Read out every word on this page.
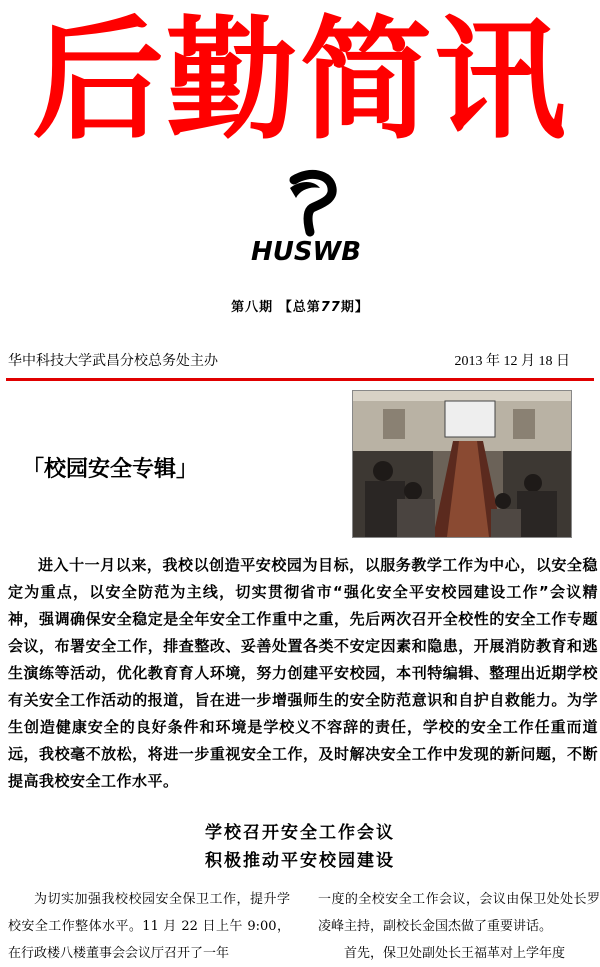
后勤简讯
HUSWB
第八期 【总第77期】
华中科技大学武昌分校总务处主办	2013 年 12 月 18 日
「校园安全专辑」
进入十一月以来，我校以创造平安校园为目标，以服务教学工作为中心，以安全稳定为重点，以安全防范为主线，切实贯彻省市“强化安全平安校园建设工作”会议精神，强调确保安全稳定是全年安全工作重中之重，先后两次召开全校性的安全工作专题会议，布署安全工作，排查整改、妥善处置各类不安定因素和隐患，开展消防教育和逃生演练等活动，优化教育育人环境，努力创建平安校园，本刊特编辑、整理出近期学校有关安全工作活动的报道，旨在进一步增强师生的安全防范意识和自护自救能力。为学生创造健康安全的良好条件和环境是学校义不容辞的责任，学校的安全工作任重而道远，我校毫不放松，将进一步重视安全工作，及时解决安全工作中发现的新问题，不断提高我校安全工作水平。
学校召开安全工作会议
积极推动平安校园建设
为切实加强我校校园安全保卫工作，提升学校安全工作整体水平。11 月 22 日上午 9:00，在行政楼八楼董事会会议厅召开了一年
一度的全校安全工作会议，会议由保卫处处长罗凌峰主持，副校长金国杰做了重要讲话。
首先，保卫处副处长王福革对上学年度
